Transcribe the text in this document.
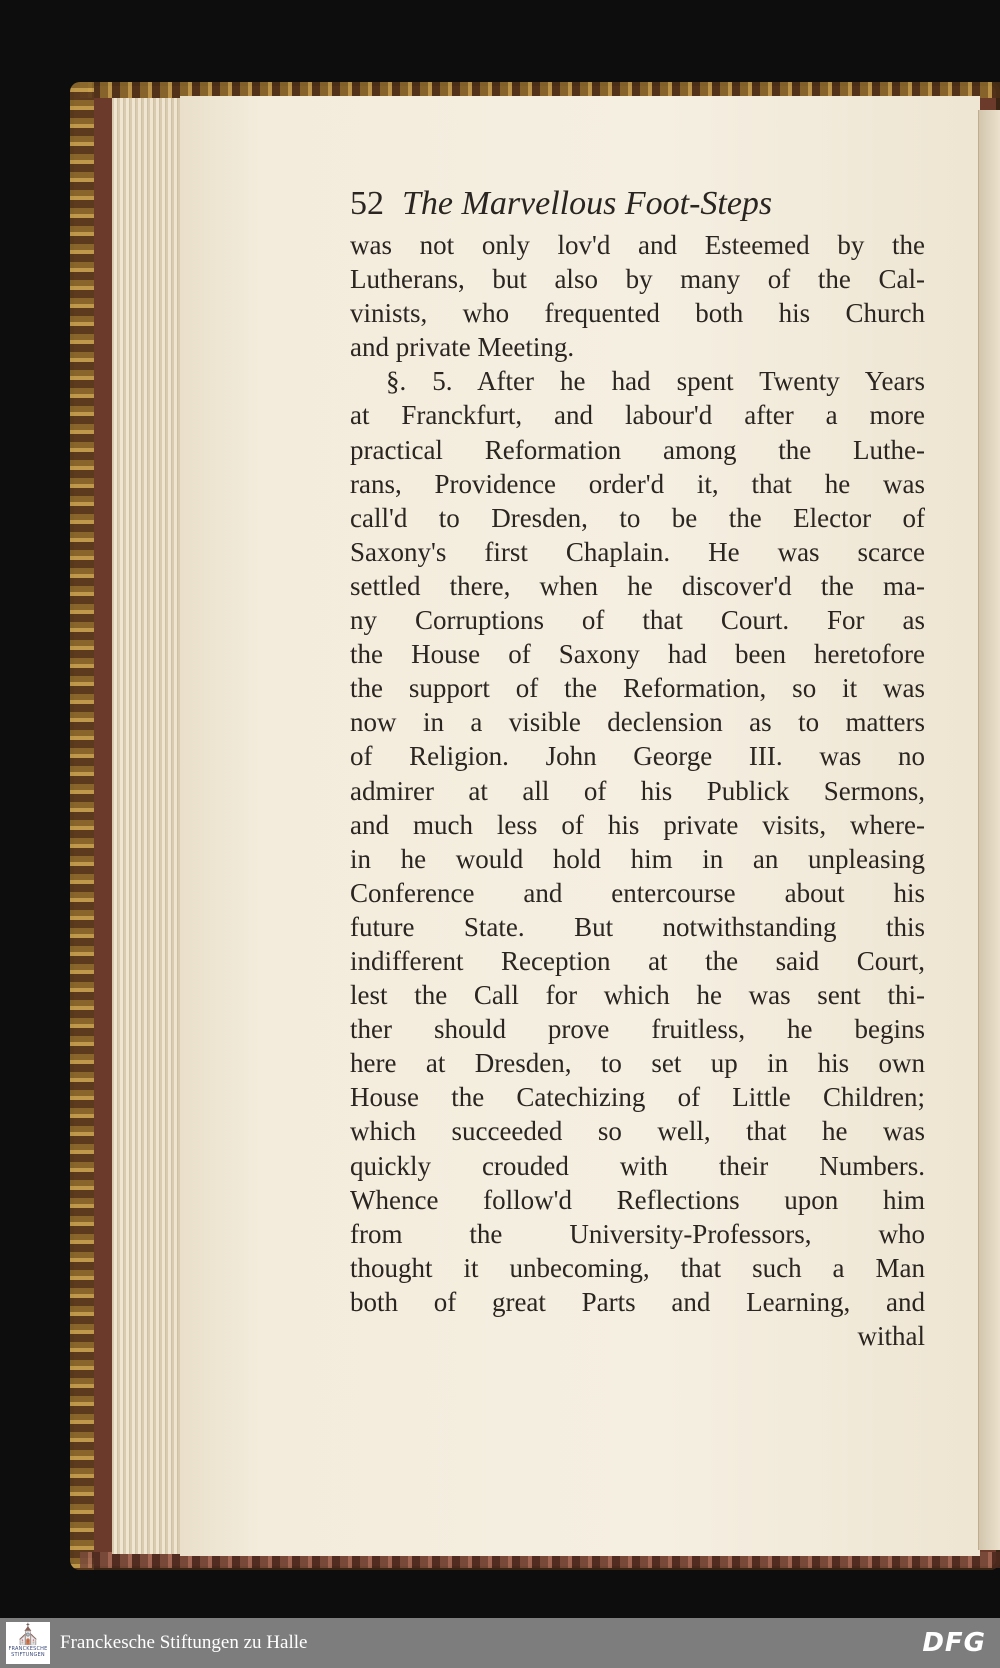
52 The Marvellous Foot-Steps
was not only lov'd and Esteemed by the
Lutherans, but also by many of the Cal-
vinists, who frequented both his Church
and private Meeting.
§. 5. After he had spent Twenty Years
at Franckfurt, and labour'd after a more
practical Reformation among the Luthe-
rans, Providence order'd it, that he was
call'd to Dresden, to be the Elector of
Saxony's first Chaplain. He was scarce
settled there, when he discover'd the ma-
ny Corruptions of that Court. For as
the House of Saxony had been heretofore
the support of the Reformation, so it was
now in a visible declension as to matters
of Religion. John George III. was no
admirer at all of his Publick Sermons,
and much less of his private visits, where-
in he would hold him in an unpleasing
Conference and entercourse about his
future State. But notwithstanding this
indifferent Reception at the said Court,
lest the Call for which he was sent thi-
ther should prove fruitless, he begins
here at Dresden, to set up in his own
House the Catechizing of Little Children;
which succeeded so well, that he was
quickly crouded with their Numbers.
Whence follow'd Reflections upon him
from the University-Professors, who
thought it unbecoming, that such a Man
both of great Parts and Learning, and
withal
⛪
FRANCKESCHE STIFTUNGEN
Franckesche Stiftungen zu Halle	DFG
